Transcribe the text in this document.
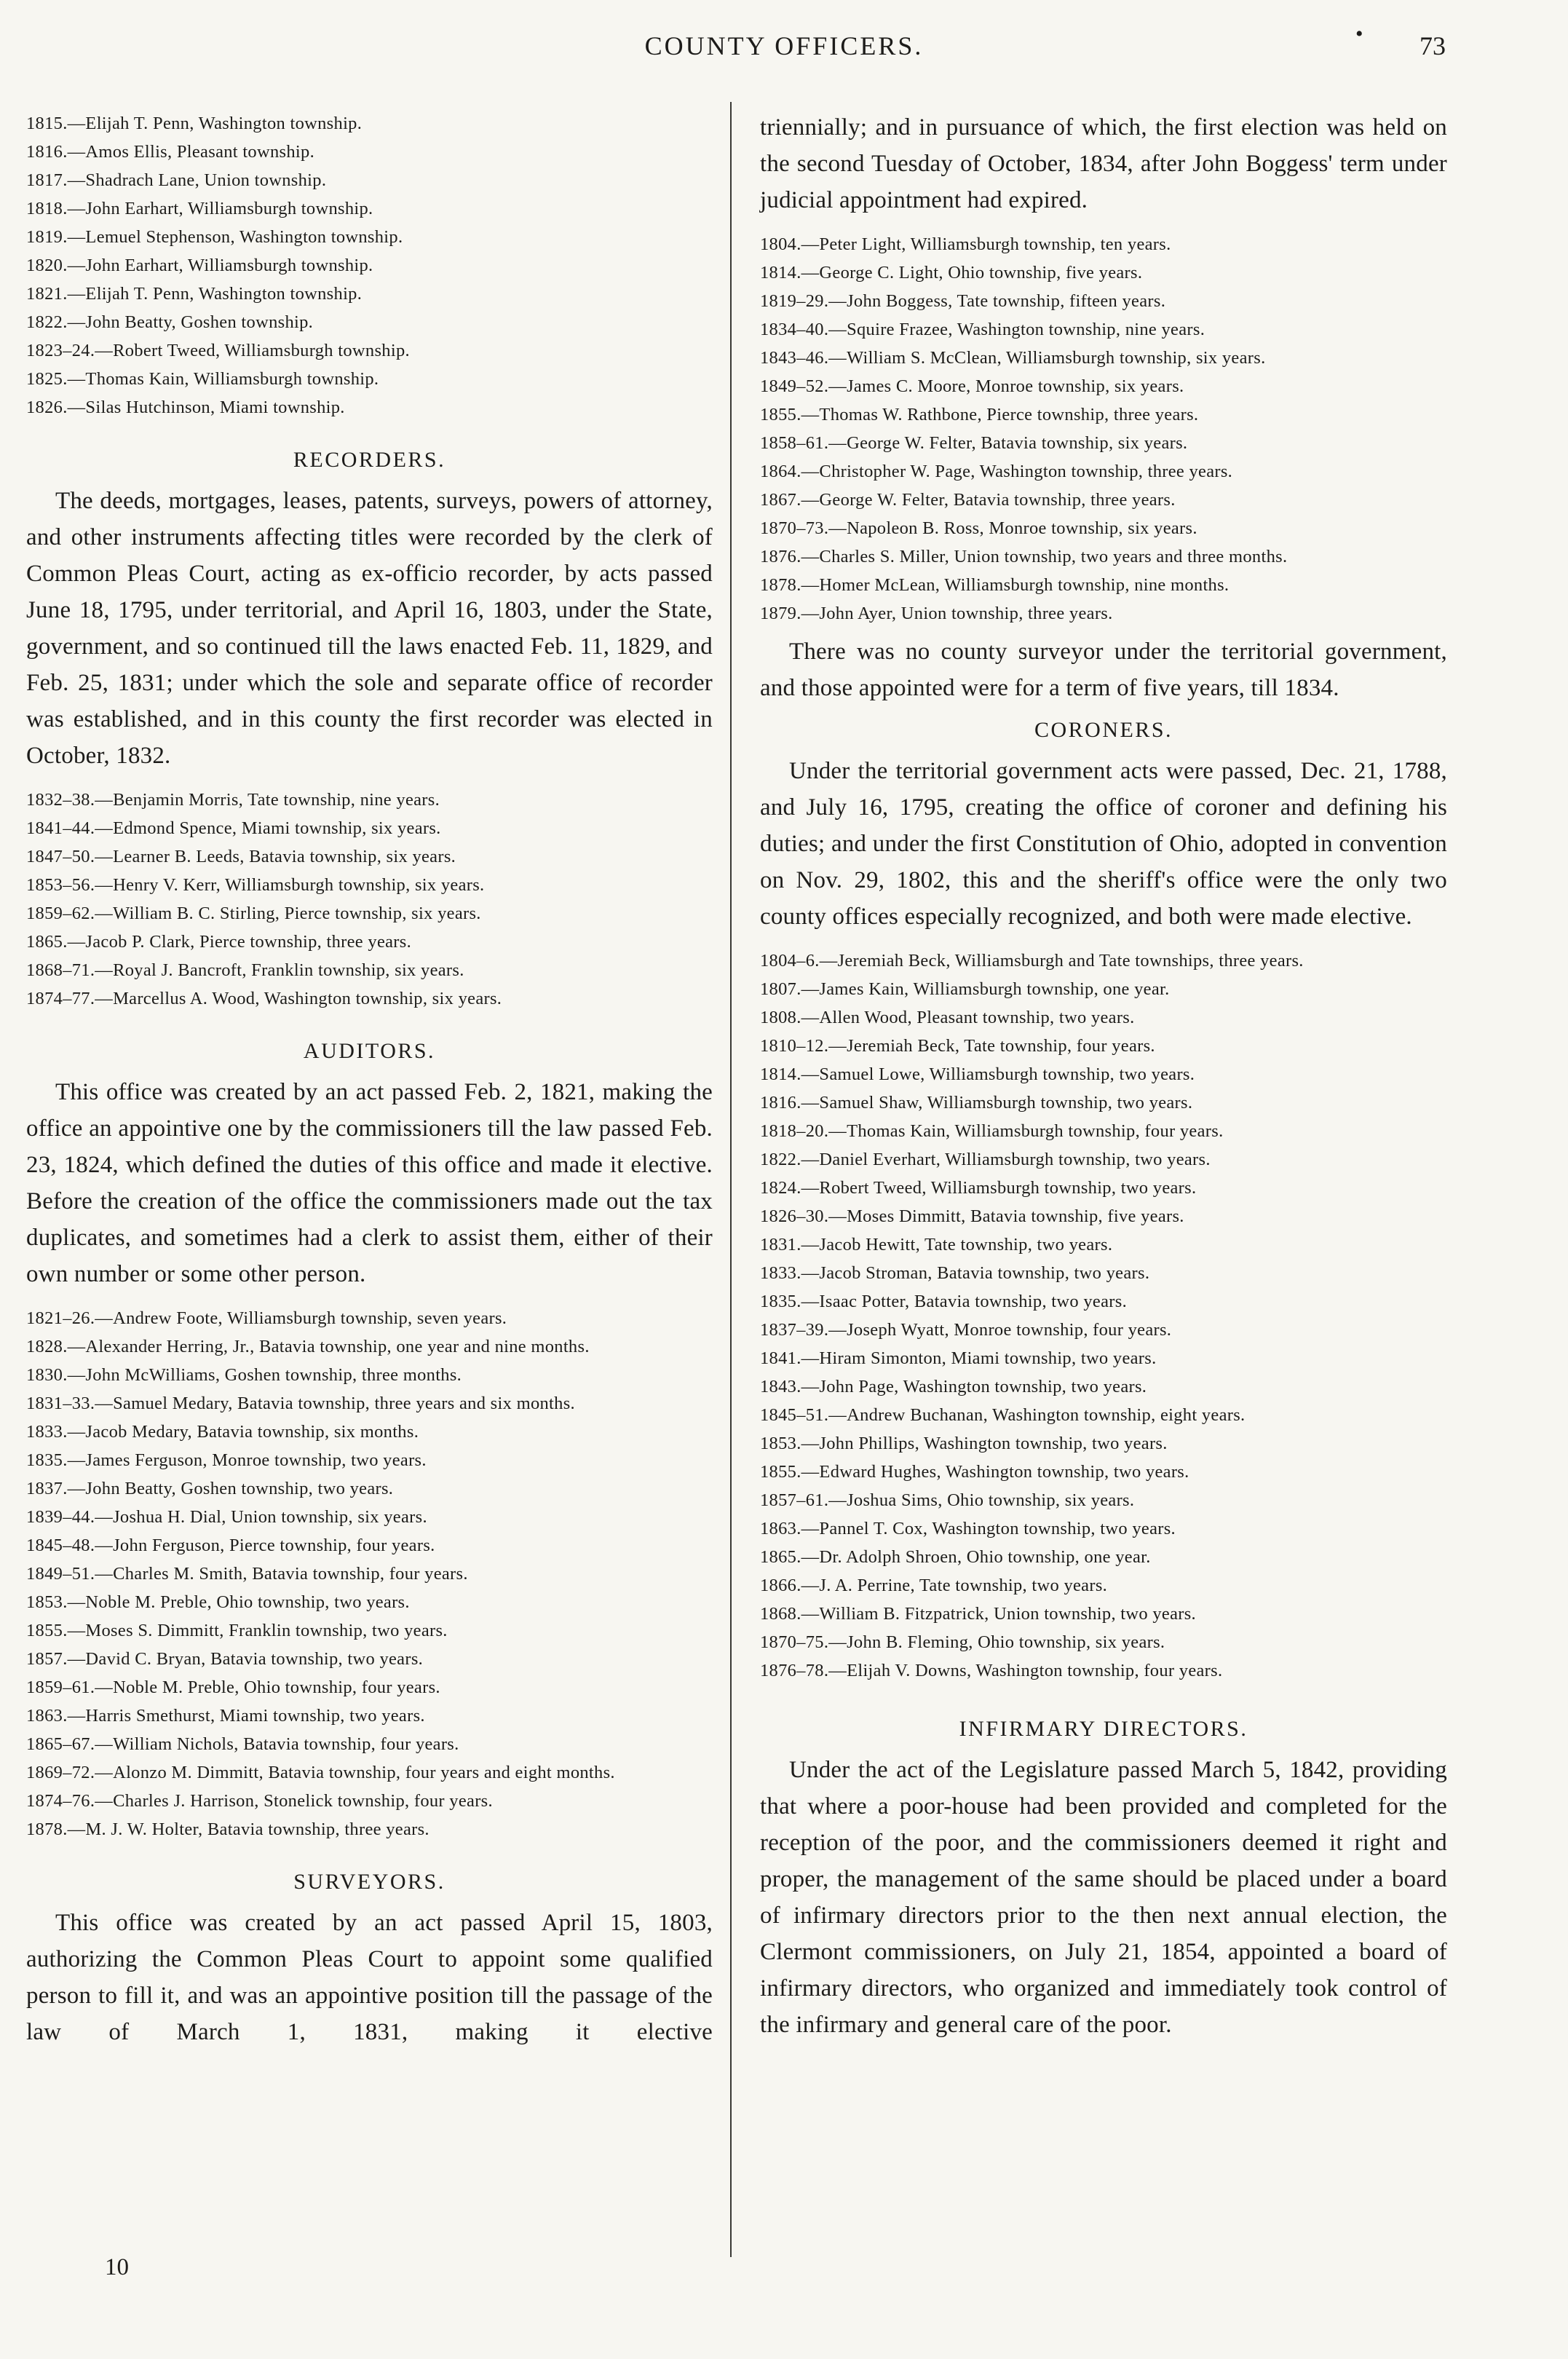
COUNTY OFFICERS.	• 73

1815.—Elijah T. Penn, Washington township.

1816.—Amos Ellis, Pleasant township.

1817.—Shadrach Lane, Union township.

1818.—John Earhart, Williamsburgh township.

1819.—Lemuel Stephenson, Washington township.

1820.—John Earhart, Williamsburgh township.

1821.—Elijah T. Penn, Washington township.

1822.—John Beatty, Goshen township.

1823–24.—Robert Tweed, Williamsburgh township.

1825.—Thomas Kain, Williamsburgh township.

1826.—Silas Hutchinson, Miami township.

RECORDERS.

The deeds, mortgages, leases, patents, surveys, powers of attorney, and other instruments affecting titles were recorded by the clerk of Common Pleas Court, acting as ex-officio recorder, by acts passed June 18, 1795, under territorial, and April 16, 1803, under the State, government, and so continued till the laws enacted Feb. 11, 1829, and Feb. 25, 1831; under which the sole and separate office of recorder was established, and in this county the first recorder was elected in October, 1832.

1832–38.—Benjamin Morris, Tate township, nine years.

1841–44.—Edmond Spence, Miami township, six years.

1847–50.—Learner B. Leeds, Batavia township, six years.

1853–56.—Henry V. Kerr, Williamsburgh township, six years.

1859–62.—William B. C. Stirling, Pierce township, six years.

1865.—Jacob P. Clark, Pierce township, three years.

1868–71.—Royal J. Bancroft, Franklin township, six years.

1874–77.—Marcellus A. Wood, Washington township, six years.

AUDITORS.

This office was created by an act passed Feb. 2, 1821, making the office an appointive one by the commissioners till the law passed Feb. 23, 1824, which defined the duties of this office and made it elective. Before the creation of the office the commissioners made out the tax duplicates, and sometimes had a clerk to assist them, either of their own number or some other person.

1821–26.—Andrew Foote, Williamsburgh township, seven years.

1828.—Alexander Herring, Jr., Batavia township, one year and nine months.

1830.—John McWilliams, Goshen township, three months.

1831–33.—Samuel Medary, Batavia township, three years and six months.

1833.—Jacob Medary, Batavia township, six months.

1835.—James Ferguson, Monroe township, two years.

1837.—John Beatty, Goshen township, two years.

1839–44.—Joshua H. Dial, Union township, six years.

1845–48.—John Ferguson, Pierce township, four years.

1849–51.—Charles M. Smith, Batavia township, four years.

1853.—Noble M. Preble, Ohio township, two years.

1855.—Moses S. Dimmitt, Franklin township, two years.

1857.—David C. Bryan, Batavia township, two years.

1859–61.—Noble M. Preble, Ohio township, four years.

1863.—Harris Smethurst, Miami township, two years.

1865–67.—William Nichols, Batavia township, four years.

1869–72.—Alonzo M. Dimmitt, Batavia township, four years and eight months.

1874–76.—Charles J. Harrison, Stonelick township, four years.

1878.—M. J. W. Holter, Batavia township, three years.

SURVEYORS.

This office was created by an act passed April 15, 1803, authorizing the Common Pleas Court to appoint some qualified person to fill it, and was an appointive position till the passage of the law of March 1, 1831, making it elective

triennially; and in pursuance of which, the first election was held on the second Tuesday of October, 1834, after John Boggess' term under judicial appointment had expired.

1804.—Peter Light, Williamsburgh township, ten years.

1814.—George C. Light, Ohio township, five years.

1819–29.—John Boggess, Tate township, fifteen years.

1834–40.—Squire Frazee, Washington township, nine years.

1843–46.—William S. McClean, Williamsburgh township, six years.

1849–52.—James C. Moore, Monroe township, six years.

1855.—Thomas W. Rathbone, Pierce township, three years.

1858–61.—George W. Felter, Batavia township, six years.

1864.—Christopher W. Page, Washington township, three years.

1867.—George W. Felter, Batavia township, three years.

1870–73.—Napoleon B. Ross, Monroe township, six years.

1876.—Charles S. Miller, Union township, two years and three months.

1878.—Homer McLean, Williamsburgh township, nine months.

1879.—John Ayer, Union township, three years.

There was no county surveyor under the territorial government, and those appointed were for a term of five years, till 1834.

CORONERS.

Under the territorial government acts were passed, Dec. 21, 1788, and July 16, 1795, creating the office of coroner and defining his duties; and under the first Constitution of Ohio, adopted in convention on Nov. 29, 1802, this and the sheriff's office were the only two county offices especially recognized, and both were made elective.

1804–6.—Jeremiah Beck, Williamsburgh and Tate townships, three years.

1807.—James Kain, Williamsburgh township, one year.

1808.—Allen Wood, Pleasant township, two years.

1810–12.—Jeremiah Beck, Tate township, four years.

1814.—Samuel Lowe, Williamsburgh township, two years.

1816.—Samuel Shaw, Williamsburgh township, two years.

1818–20.—Thomas Kain, Williamsburgh township, four years.

1822.—Daniel Everhart, Williamsburgh township, two years.

1824.—Robert Tweed, Williamsburgh township, two years.

1826–30.—Moses Dimmitt, Batavia township, five years.

1831.—Jacob Hewitt, Tate township, two years.

1833.—Jacob Stroman, Batavia township, two years.

1835.—Isaac Potter, Batavia township, two years.

1837–39.—Joseph Wyatt, Monroe township, four years.

1841.—Hiram Simonton, Miami township, two years.

1843.—John Page, Washington township, two years.

1845–51.—Andrew Buchanan, Washington township, eight years.

1853.—John Phillips, Washington township, two years.

1855.—Edward Hughes, Washington township, two years.

1857–61.—Joshua Sims, Ohio township, six years.

1863.—Pannel T. Cox, Washington township, two years.

1865.—Dr. Adolph Shroen, Ohio township, one year.

1866.—J. A. Perrine, Tate township, two years.

1868.—William B. Fitzpatrick, Union township, two years.

1870–75.—John B. Fleming, Ohio township, six years.

1876–78.—Elijah V. Downs, Washington township, four years.

INFIRMARY DIRECTORS.

Under the act of the Legislature passed March 5, 1842, providing that where a poor-house had been provided and completed for the reception of the poor, and the commissioners deemed it right and proper, the management of the same should be placed under a board of infirmary directors prior to the then next annual election, the Clermont commissioners, on July 21, 1854, appointed a board of infirmary directors, who organized and immediately took control of the infirmary and general care of the poor.

10
